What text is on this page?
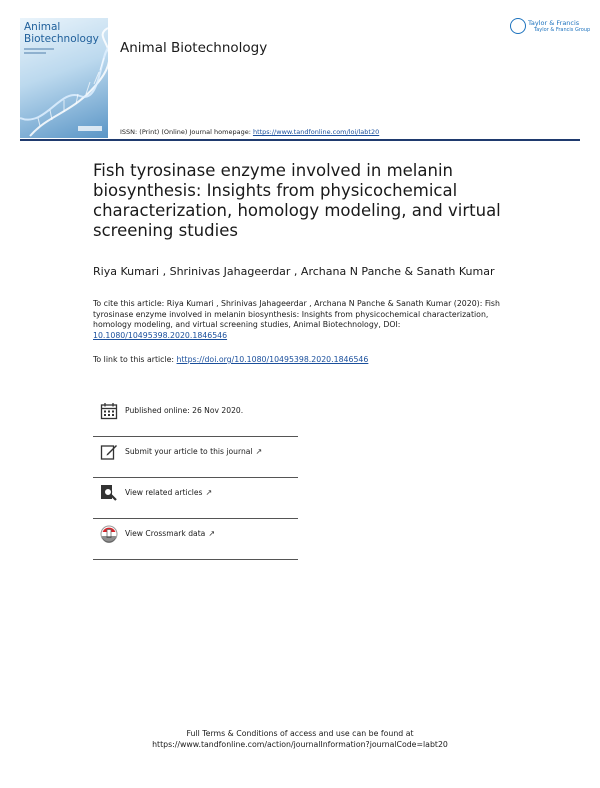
Animal
Biotechnology
Animal Biotechnology
Taylor & Francis
Taylor & Francis Group
ISSN: (Print) (Online) Journal homepage: https://www.tandfonline.com/loi/labt20
Fish tyrosinase enzyme involved in melanin biosynthesis: Insights from physicochemical characterization, homology modeling, and virtual screening studies
Riya Kumari , Shrinivas Jahageerdar , Archana N Panche & Sanath Kumar
To cite this article: Riya Kumari , Shrinivas Jahageerdar , Archana N Panche & Sanath Kumar (2020): Fish tyrosinase enzyme involved in melanin biosynthesis: Insights from physicochemical characterization, homology modeling, and virtual screening studies, Animal Biotechnology, DOI: 10.1080/10495398.2020.1846546
To link to this article: https://doi.org/10.1080/10495398.2020.1846546
Published online: 26 Nov 2020.
Submit your article to this journal ↗
View related articles ↗
View Crossmark data ↗
Full Terms & Conditions of access and use can be found at
https://www.tandfonline.com/action/journalInformation?journalCode=labt20
